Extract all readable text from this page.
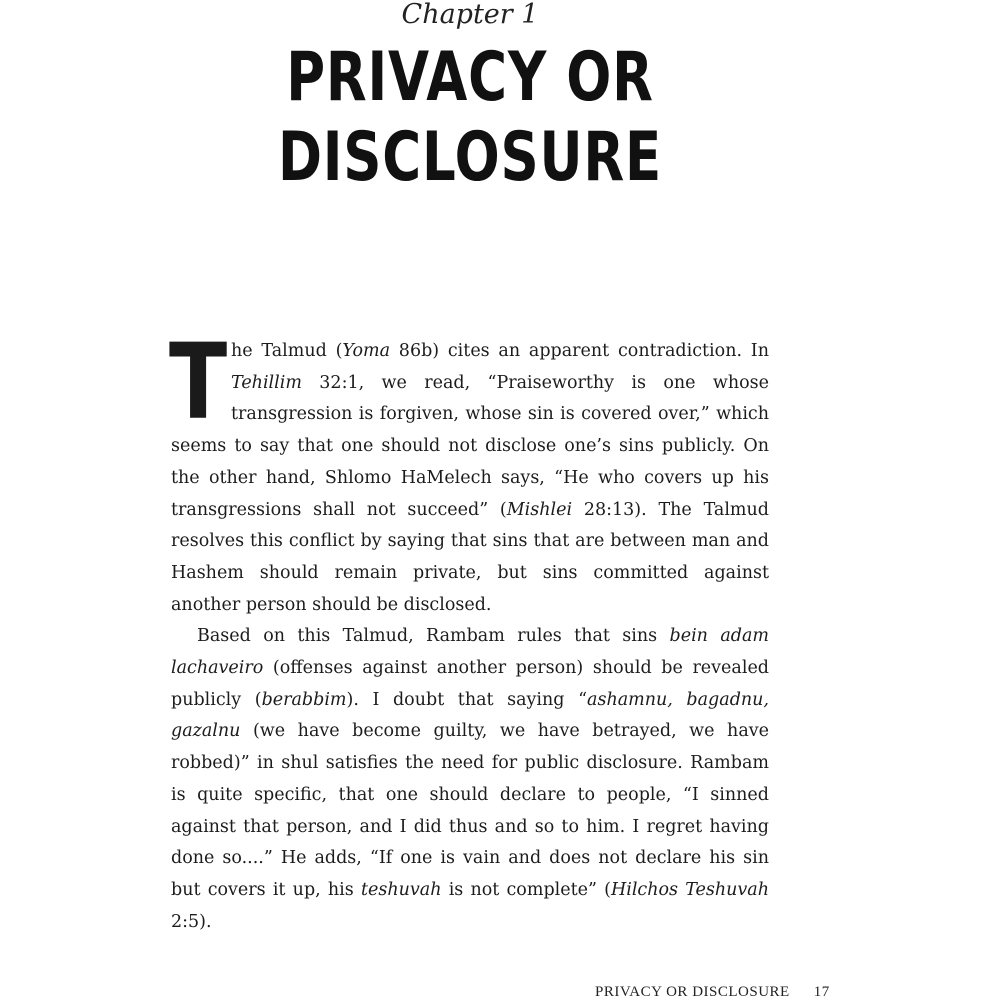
Chapter 1
PRIVACY OR
DISCLOSURE

The Talmud (Yoma 86b) cites an apparent contradiction. In Tehillim 32:1, we read, “Praiseworthy is one whose transgression is forgiven, whose sin is covered over,” which seems to say that one should not disclose one’s sins publicly. On the other hand, Shlomo HaMelech says, “He who covers up his transgressions shall not succeed” (Mishlei 28:13). The Talmud resolves this conflict by saying that sins that are between man and Hashem should remain private, but sins committed against another person should be disclosed.

Based on this Talmud, Rambam rules that sins bein adam lachaveiro (offenses against another person) should be revealed publicly (berabbim). I doubt that saying “ashamnu, bagadnu, gazalnu (we have become guilty, we have betrayed, we have robbed)” in shul satisfies the need for public disclosure. Rambam is quite specific, that one should declare to people, “I sinned against that person, and I did thus and so to him. I regret having done so....” He adds, “If one is vain and does not declare his sin but covers it up, his teshuvah is not complete” (Hilchos Teshuvah 2:5).

PRIVACY OR DISCLOSURE 17
